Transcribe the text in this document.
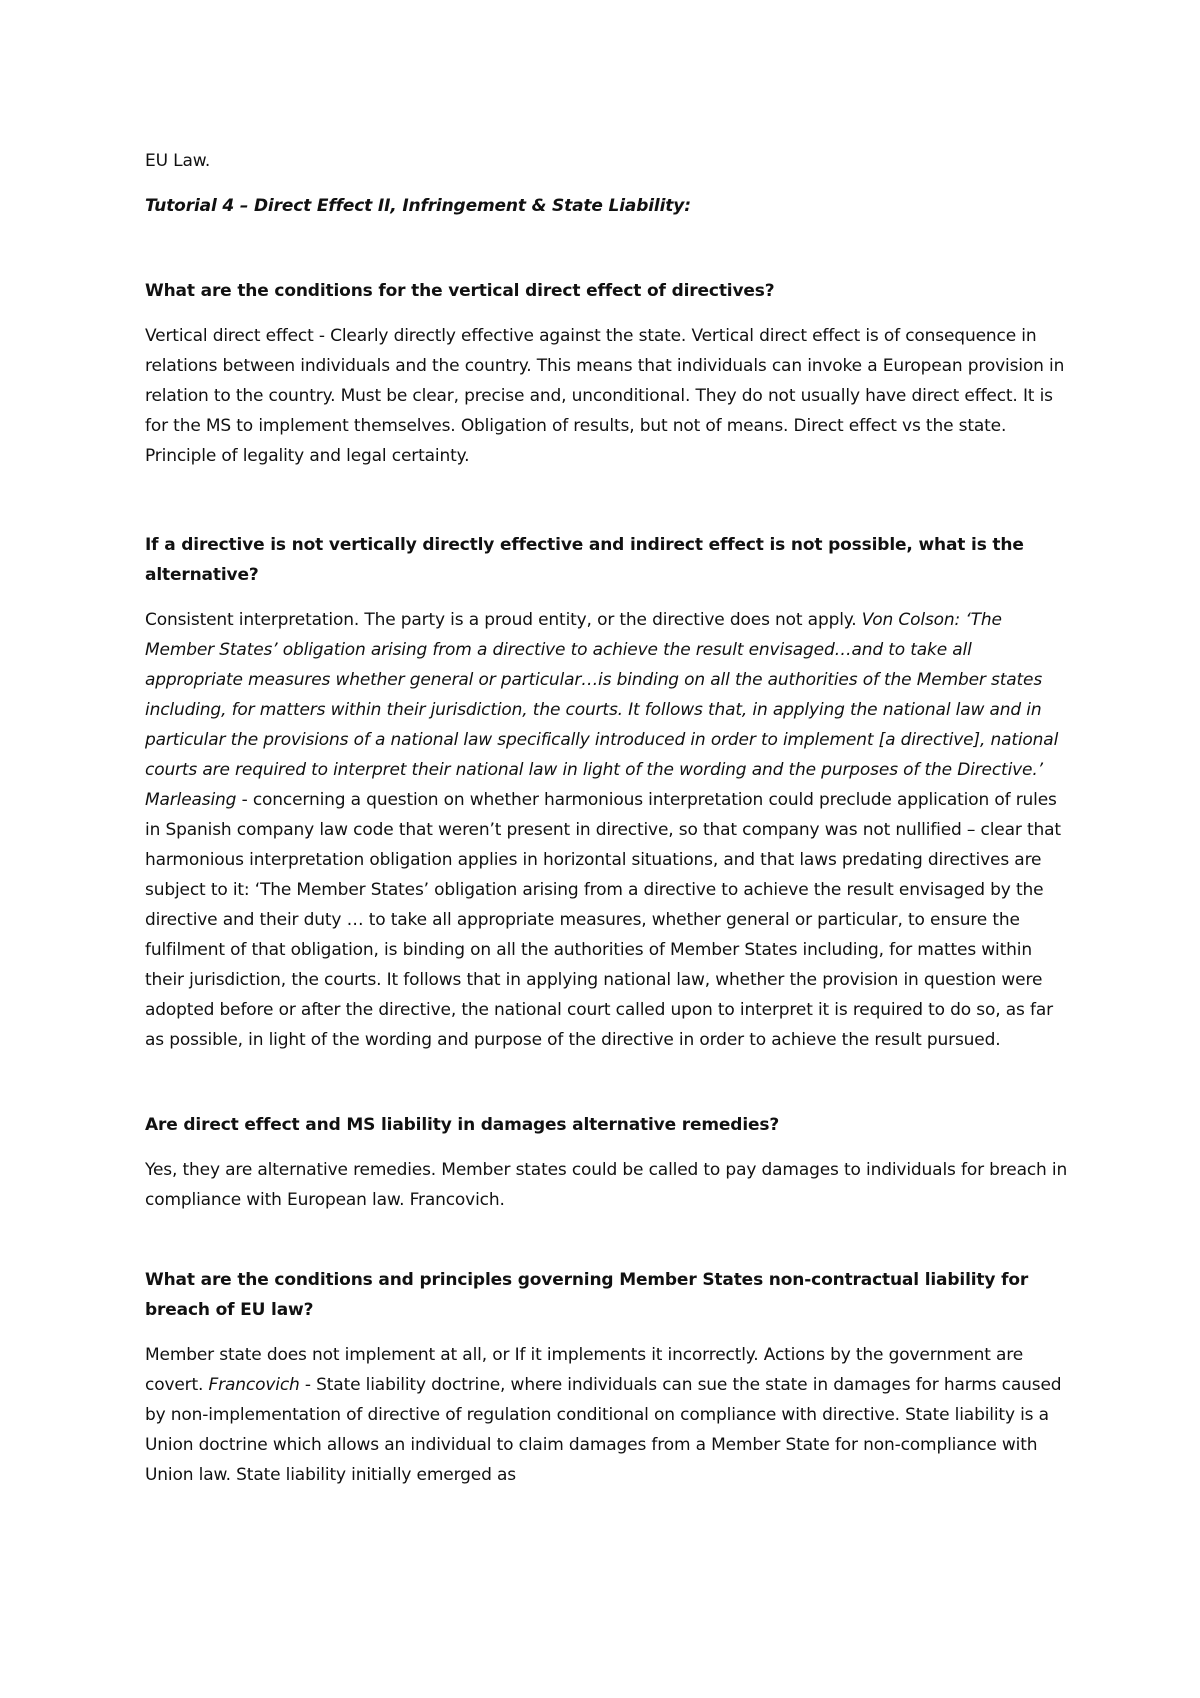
EU Law.

Tutorial 4 – Direct Effect II, Infringement & State Liability:

What are the conditions for the vertical direct effect of directives?

Vertical direct effect - Clearly directly effective against the state. Vertical direct effect is of consequence in relations between individuals and the country. This means that individuals can invoke a European provision in relation to the country. Must be clear, precise and, unconditional. They do not usually have direct effect. It is for the MS to implement themselves. Obligation of results, but not of means. Direct effect vs the state. Principle of legality and legal certainty.

If a directive is not vertically directly effective and indirect effect is not possible, what is the alternative?

Consistent interpretation. The party is a proud entity, or the directive does not apply. Von Colson: ‘The Member States’ obligation arising from a directive to achieve the result envisaged…and to take all appropriate measures whether general or particular…is binding on all the authorities of the Member states including, for matters within their jurisdiction, the courts. It follows that, in applying the national law and in particular the provisions of a national law specifically introduced in order to implement [a directive], national courts are required to interpret their national law in light of the wording and the purposes of the Directive.’ Marleasing - concerning a question on whether harmonious interpretation could preclude application of rules in Spanish company law code that weren’t present in directive, so that company was not nullified – clear that harmonious interpretation obligation applies in horizontal situations, and that laws predating directives are subject to it: ‘The Member States’ obligation arising from a directive to achieve the result envisaged by the directive and their duty … to take all appropriate measures, whether general or particular, to ensure the fulfilment of that obligation, is binding on all the authorities of Member States including, for mattes within their jurisdiction, the courts. It follows that in applying national law, whether the provision in question were adopted before or after the directive, the national court called upon to interpret it is required to do so, as far as possible, in light of the wording and purpose of the directive in order to achieve the result pursued.

Are direct effect and MS liability in damages alternative remedies?

Yes, they are alternative remedies. Member states could be called to pay damages to individuals for breach in compliance with European law. Francovich.

What are the conditions and principles governing Member States non-contractual liability for breach of EU law?

Member state does not implement at all, or If it implements it incorrectly. Actions by the government are covert. Francovich - State liability doctrine, where individuals can sue the state in damages for harms caused by non-implementation of directive of regulation conditional on compliance with directive. State liability is a Union doctrine which allows an individual to claim damages from a Member State for non-compliance with Union law. State liability initially emerged as
